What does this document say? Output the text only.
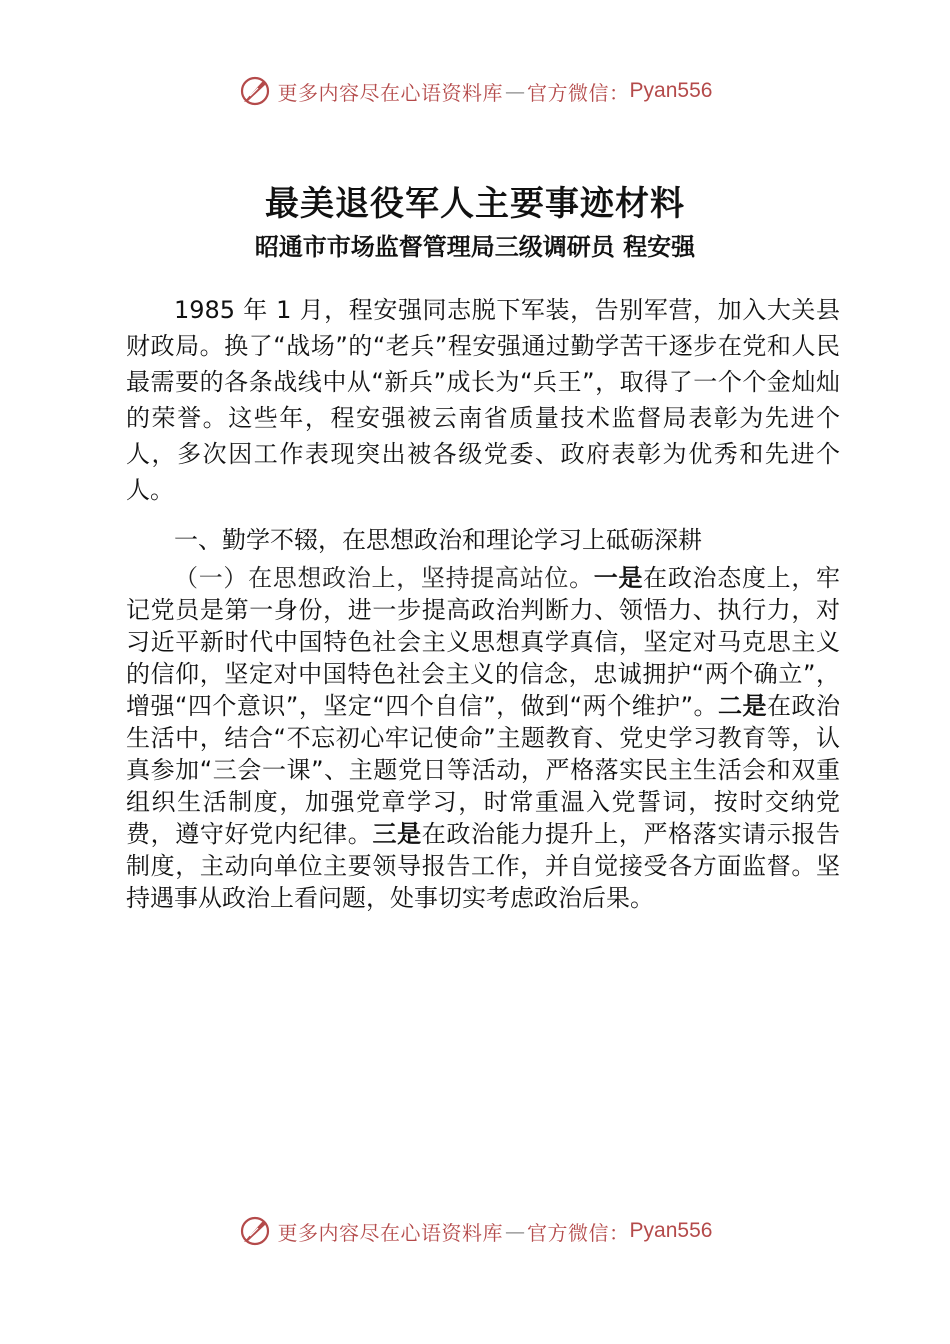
更多内容尽在心语资料库 — 官方微信： Pyan556
最美退役军人主要事迹材料
昭通市市场监督管理局三级调研员 程安强

1985 年 1 月，程安强同志脱下军装，告别军营，加入大关县财政局。换了“战场”的“老兵”程安强通过勤学苦干逐步在党和人民最需要的各条战线中从“新兵”成长为“兵王”，取得了一个个金灿灿的荣誉。这些年，程安强被云南省质量技术监督局表彰为先进个人，多次因工作表现突出被各级党委、政府表彰为优秀和先进个人。

一、勤学不辍，在思想政治和理论学习上砥砺深耕

（一）在思想政治上，坚持提高站位。一是在政治态度上，牢记党员是第一身份，进一步提高政治判断力、领悟力、执行力，对习近平新时代中国特色社会主义思想真学真信，坚定对马克思主义的信仰，坚定对中国特色社会主义的信念，忠诚拥护“两个确立”，增强“四个意识”，坚定“四个自信”，做到“两个维护”。二是在政治生活中，结合“不忘初心牢记使命”主题教育、党史学习教育等，认真参加“三会一课”、主题党日等活动，严格落实民主生活会和双重组织生活制度，加强党章学习，时常重温入党誓词，按时交纳党费，遵守好党内纪律。三是在政治能力提升上，严格落实请示报告制度，主动向单位主要领导报告工作，并自觉接受各方面监督。坚持遇事从政治上看问题，处事切实考虑政治后果。

更多内容尽在心语资料库 — 官方微信： Pyan556
